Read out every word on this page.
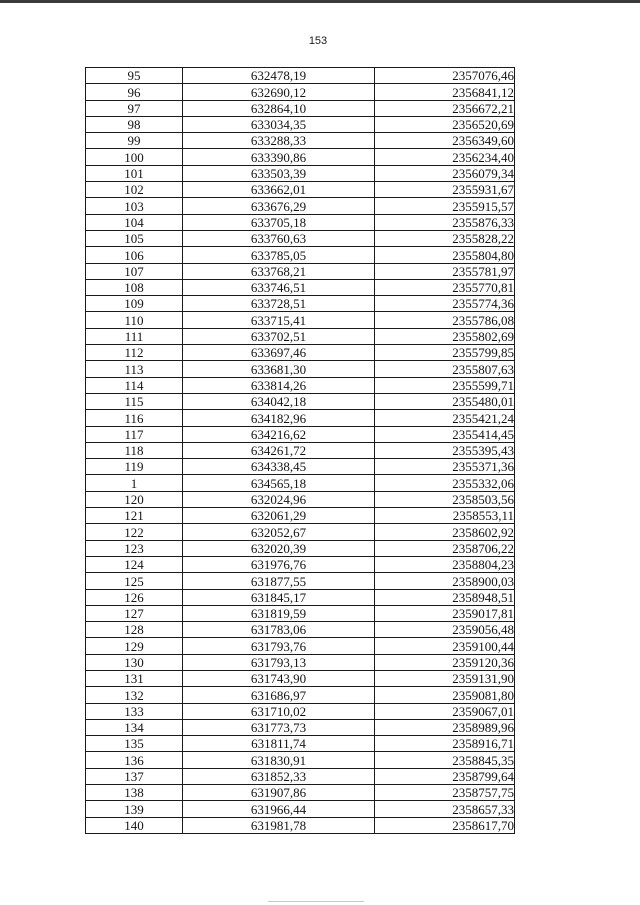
153
95	632478,19	2357076,46
96	632690,12	2356841,12
97	632864,10	2356672,21
98	633034,35	2356520,69
99	633288,33	2356349,60
100	633390,86	2356234,40
101	633503,39	2356079,34
102	633662,01	2355931,67
103	633676,29	2355915,57
104	633705,18	2355876,33
105	633760,63	2355828,22
106	633785,05	2355804,80
107	633768,21	2355781,97
108	633746,51	2355770,81
109	633728,51	2355774,36
110	633715,41	2355786,08
111	633702,51	2355802,69
112	633697,46	2355799,85
113	633681,30	2355807,63
114	633814,26	2355599,71
115	634042,18	2355480,01
116	634182,96	2355421,24
117	634216,62	2355414,45
118	634261,72	2355395,43
119	634338,45	2355371,36
1	634565,18	2355332,06
120	632024,96	2358503,56
121	632061,29	2358553,11
122	632052,67	2358602,92
123	632020,39	2358706,22
124	631976,76	2358804,23
125	631877,55	2358900,03
126	631845,17	2358948,51
127	631819,59	2359017,81
128	631783,06	2359056,48
129	631793,76	2359100,44
130	631793,13	2359120,36
131	631743,90	2359131,90
132	631686,97	2359081,80
133	631710,02	2359067,01
134	631773,73	2358989,96
135	631811,74	2358916,71
136	631830,91	2358845,35
137	631852,33	2358799,64
138	631907,86	2358757,75
139	631966,44	2358657,33
140	631981,78	2358617,70
